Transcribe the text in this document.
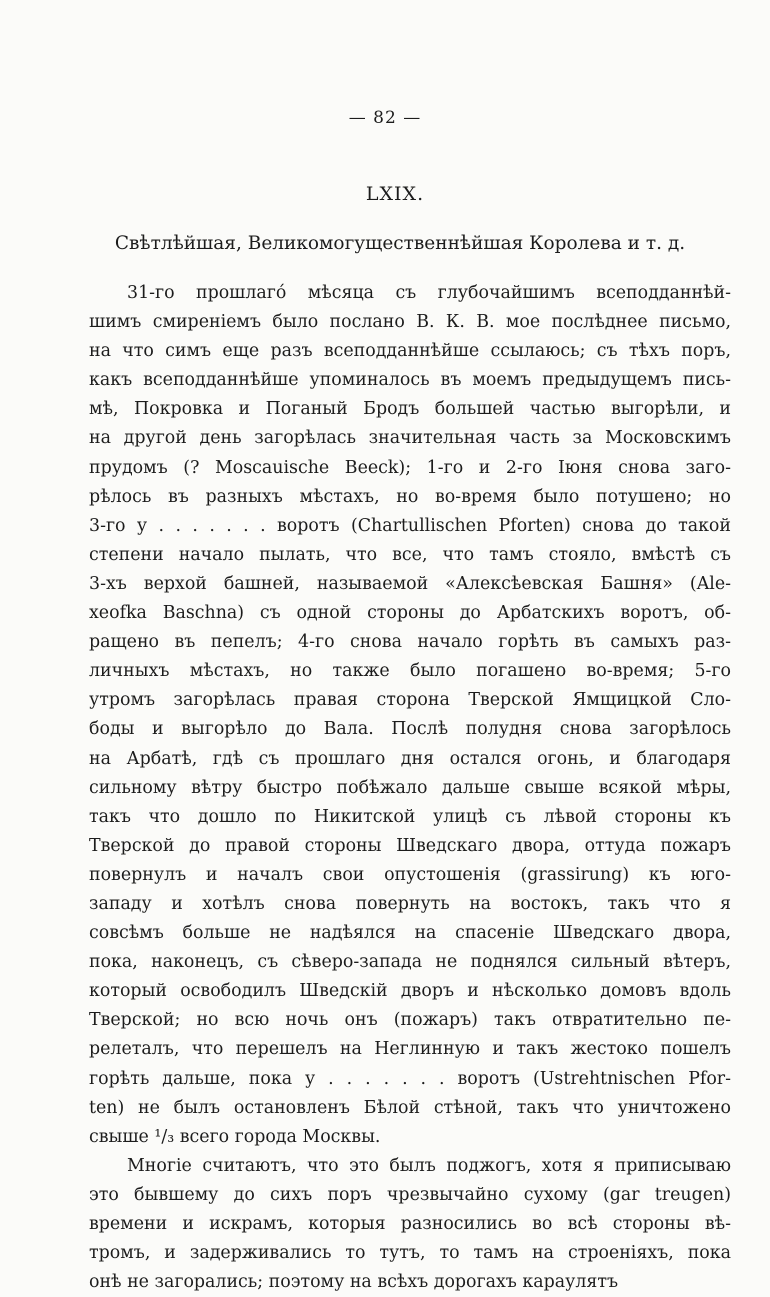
— 82 —
LXIX.
Свѣтлѣйшая, Великомогущественнѣйшая Королева и т. д.
31-го прошлагó мѣсяца съ глубочайшимъ всеподданнѣй-
шимъ смиреніемъ было послано В. К. В. мое послѣднее письмо,
на что симъ еще разъ всеподданнѣйше ссылаюсь; съ тѣхъ поръ,
какъ всеподданнѣйше упоминалось въ моемъ предыдущемъ пись-
мѣ, Покровка и Поганый Бродъ большей частью выгорѣли, и
на другой день загорѣлась значительная часть за Московскимъ
прудомъ (? Moscauische Beeck); 1-го и 2-го Іюня снова заго-
рѣлось въ разныхъ мѣстахъ, но во-время было потушено; но
3-го у . . . . . . . воротъ (Chartullischen Pforten) снова до такой
степени начало пылать, что все, что тамъ стояло, вмѣстѣ съ
3-хъ верхой башней, называемой «Алексѣевская Башня» (Ale-
xeofka Baschna) съ одной стороны до Арбатскихъ воротъ, об-
ращено въ пепелъ; 4-го снова начало горѣть въ самыхъ раз-
личныхъ мѣстахъ, но также было погашено во-время; 5-го
утромъ загорѣлась правая сторона Тверской Ямщицкой Сло-
боды и выгорѣло до Вала. Послѣ полудня снова загорѣлось
на Арбатѣ, гдѣ съ прошлаго дня остался огонь, и благодаря
сильному вѣтру быстро побѣжало дальше свыше всякой мѣры,
такъ что дошло по Никитской улицѣ съ лѣвой стороны къ
Тверской до правой стороны Шведскаго двора, оттуда пожаръ
повернулъ и началъ свои опустошенія (grassirung) къ юго-
западу и хотѣлъ снова повернуть на востокъ, такъ что я
совсѣмъ больше не надѣялся на спасеніе Шведскаго двора,
пока, наконецъ, съ сѣверо-запада не поднялся сильный вѣтеръ,
который освободилъ Шведскій дворъ и нѣсколько домовъ вдоль
Тверской; но всю ночь онъ (пожаръ) такъ отвратительно пе-
релеталъ, что перешелъ на Неглинную и такъ жестоко пошелъ
горѣть дальше, пока у . . . . . . . воротъ (Ustrehtnischen Pfor-
ten) не былъ остановленъ Бѣлой стѣной, такъ что уничтожено
свыше ¹/₃ всего города Москвы.
Многіе считаютъ, что это былъ поджогъ, хотя я приписываю
это бывшему до сихъ поръ чрезвычайно сухому (gar treugen)
времени и искрамъ, которыя разносились во всѣ стороны вѣ-
тромъ, и задерживались то тутъ, то тамъ на строеніяхъ, пока
онѣ не загорались; поэтому на всѣхъ дорогахъ караулятъ
